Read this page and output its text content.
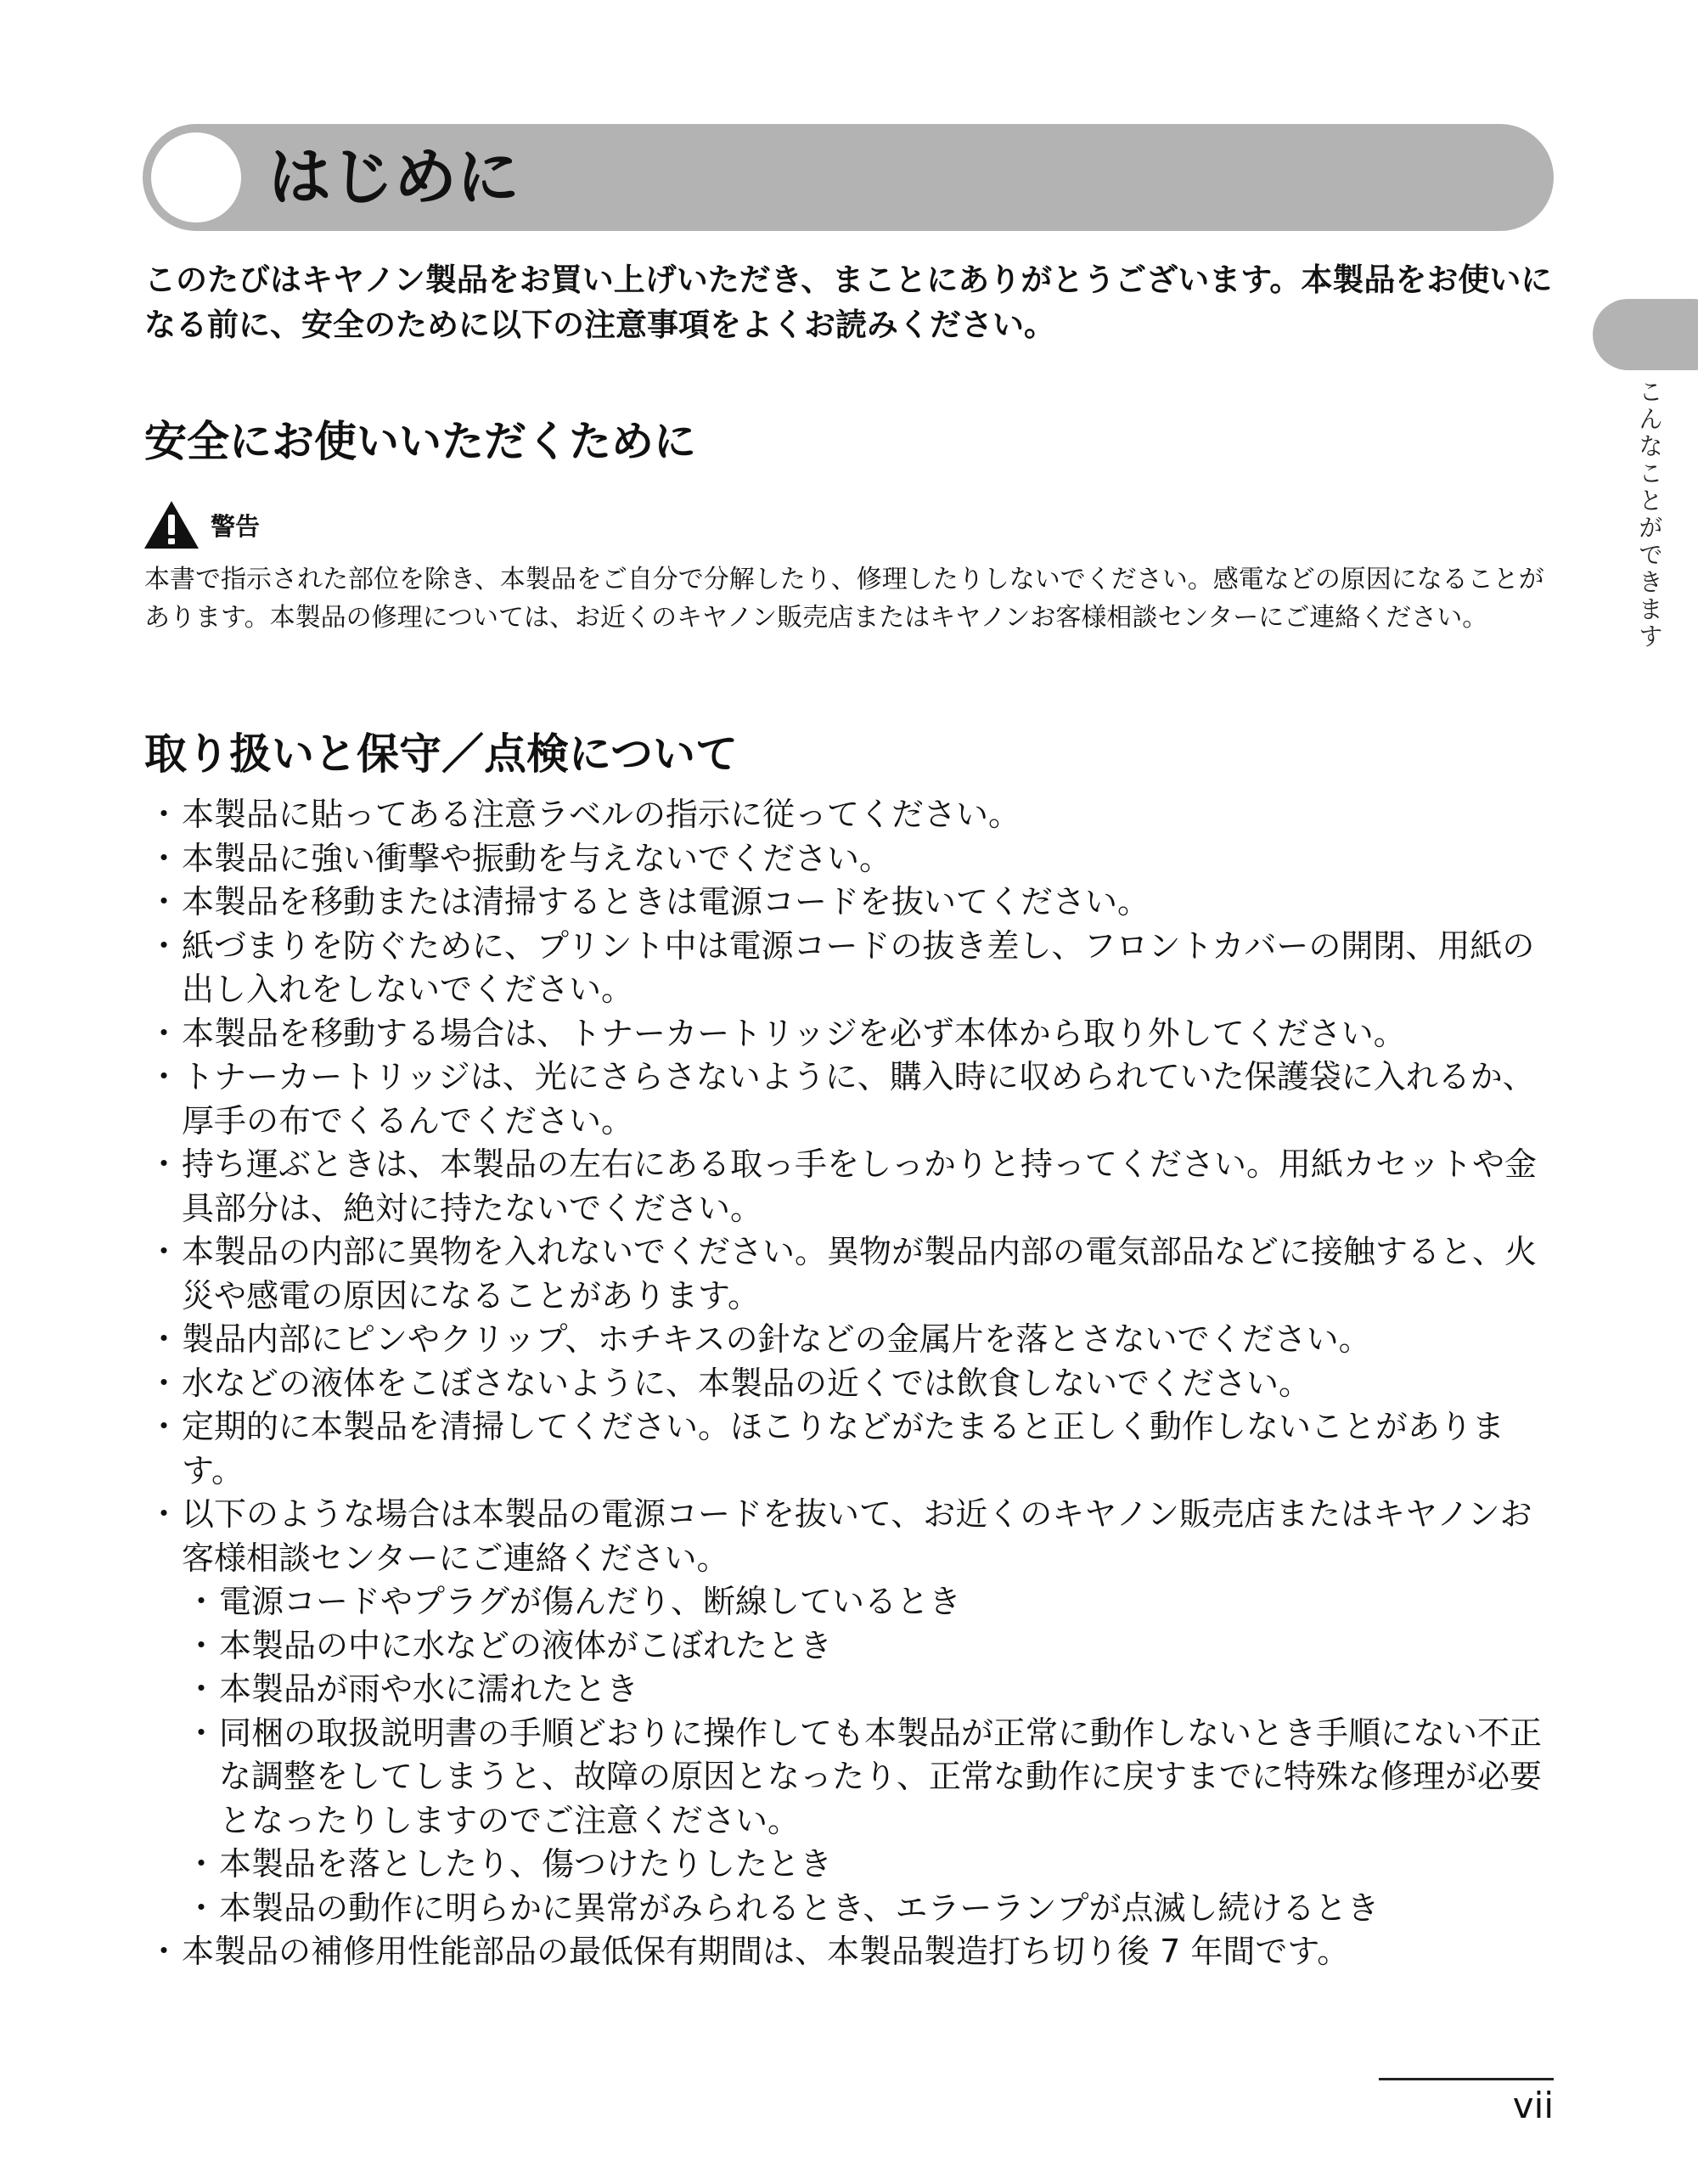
はじめに

このたびはキヤノン製品をお買い上げいただき、まことにありがとうございます。本製品をお使いになる前に、安全のために以下の注意事項をよくお読みください。

安全にお使いいただくために
警告

本書で指示された部位を除き、本製品をご自分で分解したり、修理したりしないでください。感電などの原因になることがあります。本製品の修理については、お近くのキヤノン販売店またはキヤノンお客様相談センターにご連絡ください。

取り扱いと保守／点検について
・ 本製品に貼ってある注意ラベルの指示に従ってください。
・ 本製品に強い衝撃や振動を与えないでください。
・ 本製品を移動または清掃するときは電源コードを抜いてください。
・ 紙づまりを防ぐために、プリント中は電源コードの抜き差し、フロントカバーの開閉、用紙の出し入れをしないでください。
・ 本製品を移動する場合は、トナーカートリッジを必ず本体から取り外してください。
・ トナーカートリッジは、光にさらさないように、購入時に収められていた保護袋に入れるか、厚手の布でくるんでください。
・ 持ち運ぶときは、本製品の左右にある取っ手をしっかりと持ってください。用紙カセットや金具部分は、絶対に持たないでください。
・ 本製品の内部に異物を入れないでください。異物が製品内部の電気部品などに接触すると、火災や感電の原因になることがあります。
・ 製品内部にピンやクリップ、ホチキスの針などの金属片を落とさないでください。
・ 水などの液体をこぼさないように、本製品の近くでは飲食しないでください。
・ 定期的に本製品を清掃してください。ほこりなどがたまると正しく動作しないことがあります。
・ 以下のような場合は本製品の電源コードを抜いて、お近くのキヤノン販売店またはキヤノンお客様相談センターにご連絡ください。
・ 電源コードやプラグが傷んだり、断線しているとき
・ 本製品の中に水などの液体がこぼれたとき
・ 本製品が雨や水に濡れたとき
・ 同梱の取扱説明書の手順どおりに操作しても本製品が正常に動作しないとき手順にない不正な調整をしてしまうと、故障の原因となったり、正常な動作に戻すまでに特殊な修理が必要となったりしますのでご注意ください。
・ 本製品を落としたり、傷つけたりしたとき
・ 本製品の動作に明らかに異常がみられるとき、エラーランプが点滅し続けるとき
・ 本製品の補修用性能部品の最低保有期間は、本製品製造打ち切り後 7 年間です。
こんなことができます
vii
